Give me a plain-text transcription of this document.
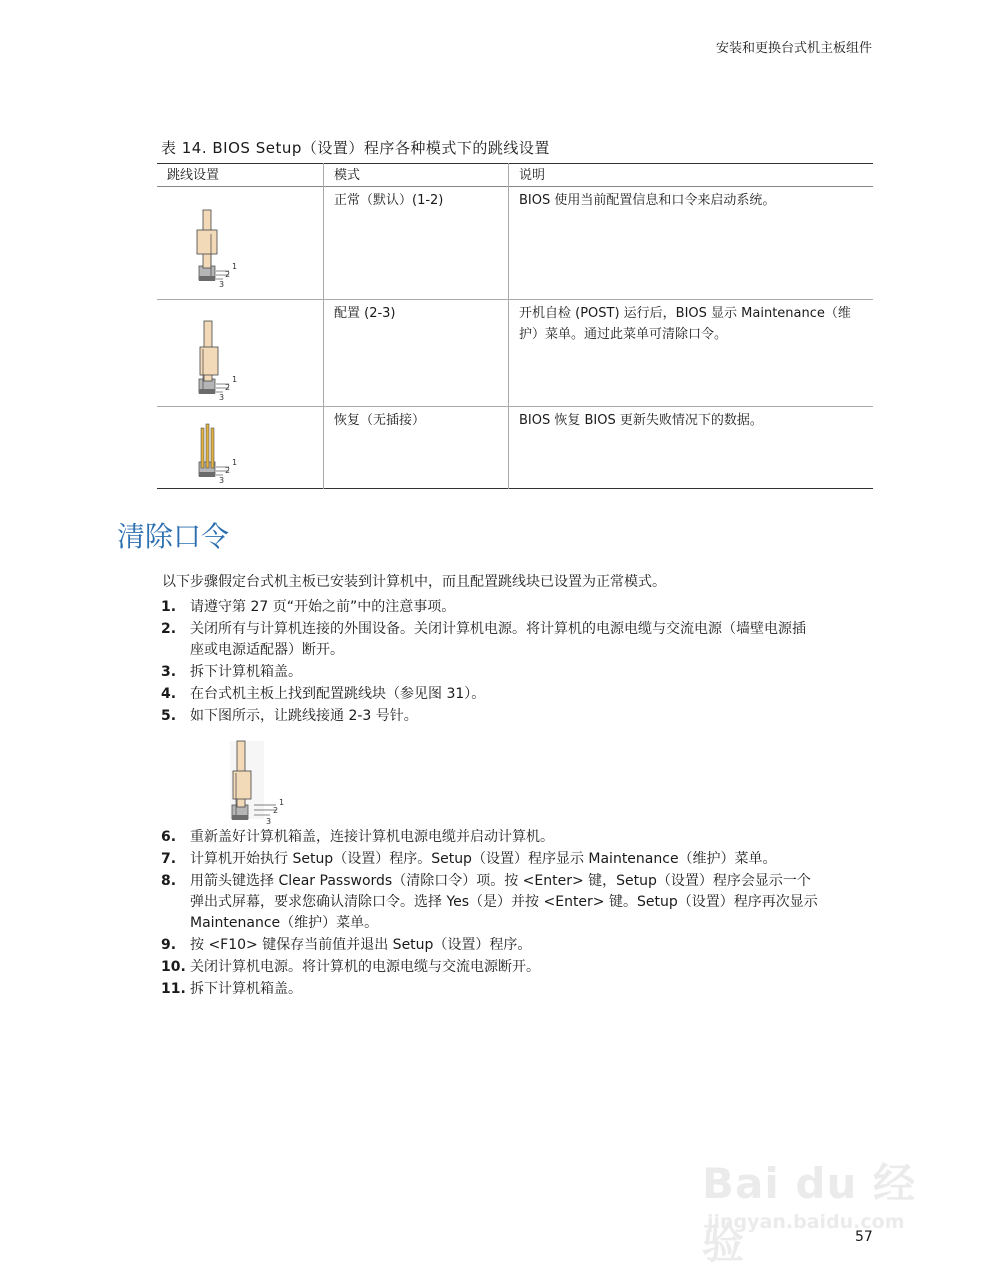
安装和更换台式机主板组件
表 14. BIOS Setup（设置）程序各种模式下的跳线设置
跳线设置	模式	说明

1
2
3	正常（默认）(1-2)	BIOS 使用当前配置信息和口令来启动系统。

1
2
3	配置 (2-3)	开机自检 (POST) 运行后，BIOS 显示 Maintenance（维护）菜单。通过此菜单可清除口令。

1
2
3	恢复（无插接）	BIOS 恢复 BIOS 更新失败情况下的数据。
清除口令

以下步骤假定台式机主板已安装到计算机中，而且配置跳线块已设置为正常模式。

1. 请遵守第 27 页“开始之前”中的注意事项。
2. 关闭所有与计算机连接的外围设备。关闭计算机电源。将计算机的电源电缆与交流电源（墙壁电源插座或电源适配器）断开。
3. 拆下计算机箱盖。
4. 在台式机主板上找到配置跳线块（参见图 31）。
5. 如下图所示，让跳线接通 2-3 号针。
1
2
3
6. 重新盖好计算机箱盖，连接计算机电源电缆并启动计算机。
7. 计算机开始执行 Setup（设置）程序。Setup（设置）程序显示 Maintenance（维护）菜单。
8. 用箭头键选择 Clear Passwords（清除口令）项。按 <Enter> 键，Setup（设置）程序会显示一个弹出式屏幕，要求您确认清除口令。选择 Yes（是）并按 <Enter> 键。Setup（设置）程序再次显示 Maintenance（维护）菜单。
9. 按 <F10> 键保存当前值并退出 Setup（设置）程序。
10. 关闭计算机电源。将计算机的电源电缆与交流电源断开。
11. 拆下计算机箱盖。
Bai du 经验
jingyan.baidu.com
57
